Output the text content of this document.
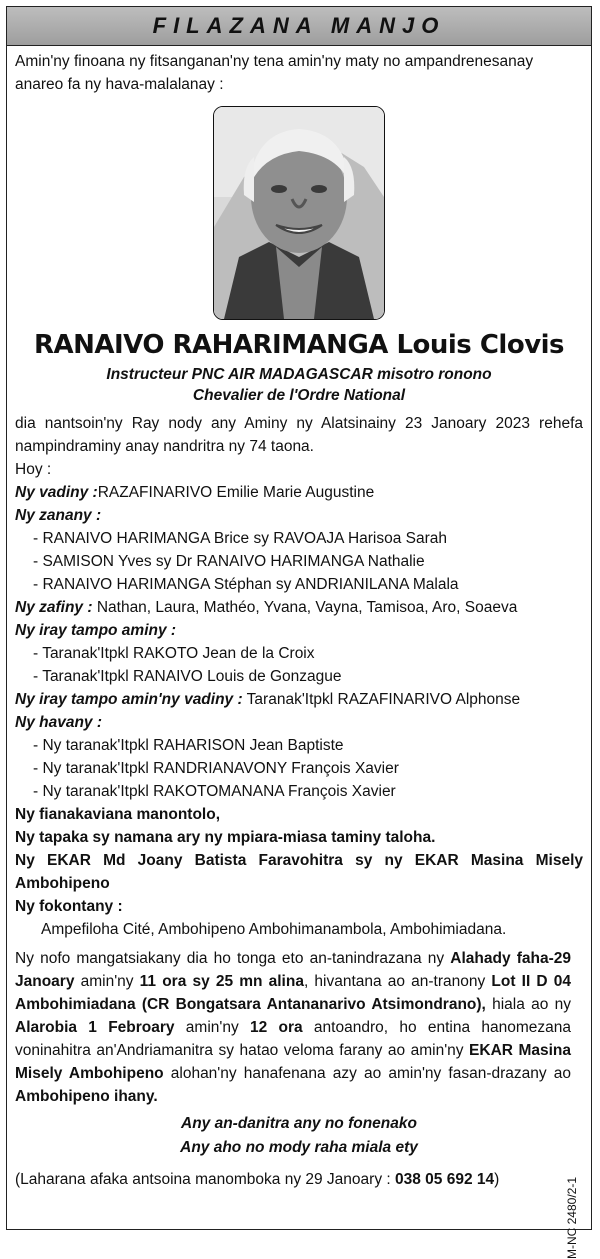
FILAZANA MANJO

Amin'ny finoana ny fitsanganan'ny tena amin'ny maty no ampandrenesanay anareo fa ny hava-malalanay :

RANAIVO RAHARIMANGA Louis Clovis
Instructeur PNC AIR MADAGASCAR misotro ronono
Chevalier de l'Ordre National

dia nantsoin'ny Ray nody any Aminy ny Alatsinainy 23 Janoary 2023 rehefa nampindraminy anay nandritra ny 74 taona.

Hoy :

Ny vadiny :RAZAFINARIVO Emilie Marie Augustine

Ny zanany :

- RANAIVO HARIMANGA Brice sy RAVOAJA Harisoa Sarah
- SAMISON Yves sy Dr RANAIVO HARIMANGA Nathalie
- RANAIVO HARIMANGA Stéphan sy ANDRIANILANA Malala

Ny zafiny : Nathan, Laura, Mathéo, Yvana, Vayna, Tamisoa, Aro, Soaeva

Ny iray tampo aminy :

- Taranak'Itpkl RAKOTO Jean de la Croix
- Taranak'Itpkl RANAIVO Louis de Gonzague

Ny iray tampo amin'ny vadiny : Taranak'Itpkl RAZAFINARIVO Alphonse

Ny havany :

- Ny taranak'Itpkl RAHARISON Jean Baptiste
- Ny taranak'Itpkl RANDRIANAVONY François Xavier
- Ny taranak'Itpkl RAKOTOMANANA François Xavier

Ny fianakaviana manontolo,

Ny tapaka sy namana ary ny mpiara-miasa taminy taloha.

Ny EKAR Md Joany Batista Faravohitra sy ny EKAR Masina Misely Ambohipeno

Ny fokontany :

Ampefiloha Cité, Ambohipeno Ambohimanambola, Ambohimiadana.

Ny nofo mangatsiakany dia ho tonga eto an-tanindrazana ny Alahady faha-29 Janoary amin'ny 11 ora sy 25 mn alina, hivantana ao an-tranony Lot II D 04 Ambohimiadana (CR Bongatsara Antananarivo Atsimondrano), hiala ao ny Alarobia 1 Febroary amin'ny 12 ora antoandro, ho entina hanomezana voninahitra an'Andriamanitra sy hatao veloma farany ao amin'ny EKAR Masina Misely Ambohipeno alohan'ny hanafenana azy ao amin'ny fasan-drazany ao Ambohipeno ihany.

Any an-danitra any no fonenako
Any aho no mody raha miala ety

(Laharana afaka antsoina manomboka ny 29 Janoary : 038 05 692 14)	M-NC 2480/2-1
